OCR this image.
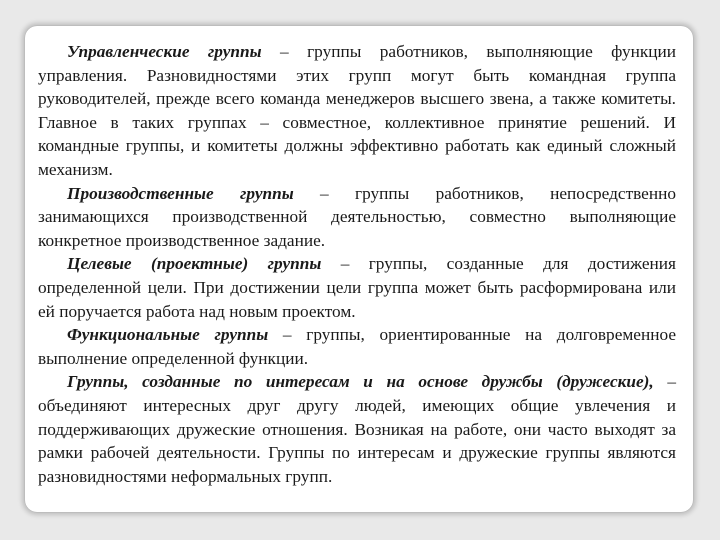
Управленческие группы – группы работников, выполняющие функции управления. Разновидностями этих групп могут быть командная группа руководителей, прежде всего команда менеджеров высшего звена, а также комитеты. Главное в таких группах – совместное, коллективное принятие решений. И командные группы, и комитеты должны эффективно работать как единый сложный механизм.

Производственные группы – группы работников, непосредственно занимающихся производственной деятельностью, совместно выполняющие конкретное производственное задание.

Целевые (проектные) группы – группы, созданные для достижения определенной цели. При достижении цели группа может быть расформирована или ей поручается работа над новым проектом.

Функциональные группы – группы, ориентированные на долговременное выполнение определенной функции.

Группы, созданные по интересам и на основе дружбы (дружеские), – объединяют интересных друг другу людей, имеющих общие увлечения и поддерживающих дружеские отношения. Возникая на работе, они часто выходят за рамки рабочей деятельности. Группы по интересам и дружеские группы являются разновидностями неформальных групп.
